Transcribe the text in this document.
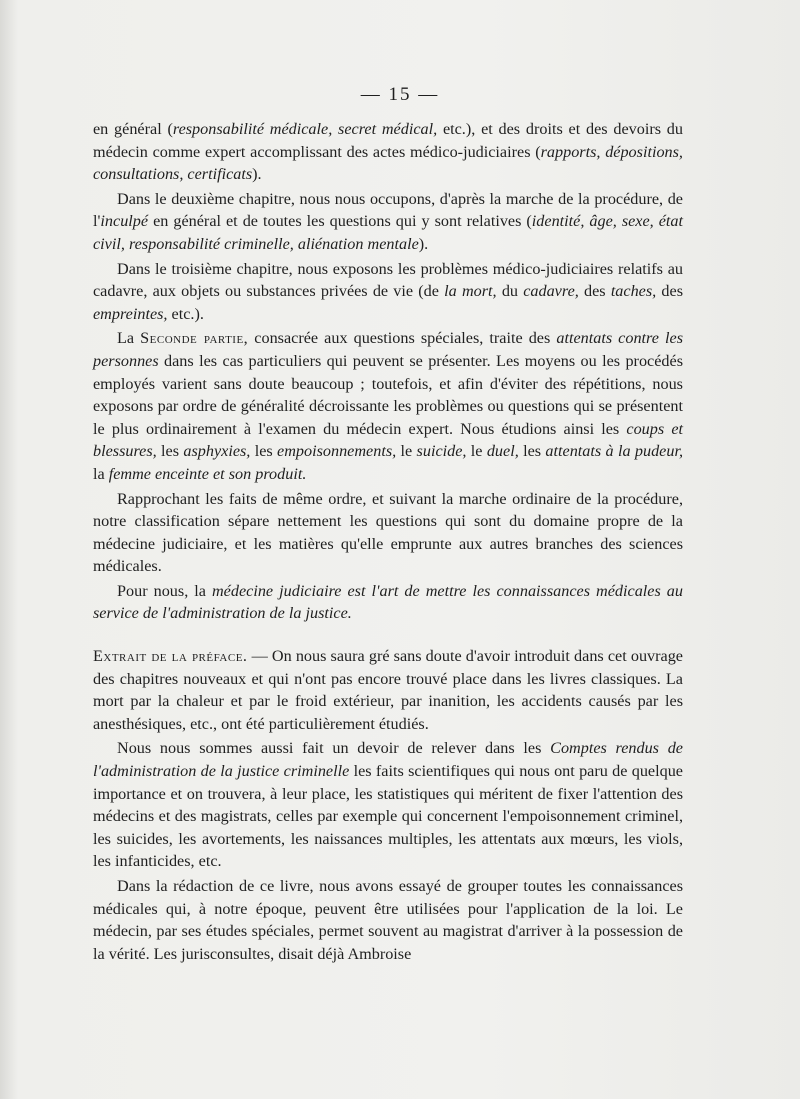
— 15 —

en général (responsabilité médicale, secret médical, etc.), et des droits et des devoirs du médecin comme expert accomplissant des actes médico-judiciaires (rapports, dépositions, consultations, certificats).

Dans le deuxième chapitre, nous nous occupons, d'après la marche de la procédure, de l'inculpé en général et de toutes les questions qui y sont relatives (identité, âge, sexe, état civil, responsabilité criminelle, aliénation mentale).

Dans le troisième chapitre, nous exposons les problèmes médico-judiciaires relatifs au cadavre, aux objets ou substances privées de vie (de la mort, du cadavre, des taches, des empreintes, etc.).

La Seconde partie, consacrée aux questions spéciales, traite des attentats contre les personnes dans les cas particuliers qui peuvent se présenter. Les moyens ou les procédés employés varient sans doute beaucoup ; toutefois, et afin d'éviter des répétitions, nous exposons par ordre de généralité décroissante les problèmes ou questions qui se présentent le plus ordinairement à l'examen du médecin expert. Nous étudions ainsi les coups et blessures, les asphyxies, les empoisonnements, le suicide, le duel, les attentats à la pudeur, la femme enceinte et son produit.

Rapprochant les faits de même ordre, et suivant la marche ordinaire de la procédure, notre classification sépare nettement les questions qui sont du domaine propre de la médecine judiciaire, et les matières qu'elle emprunte aux autres branches des sciences médicales.

Pour nous, la médecine judiciaire est l'art de mettre les connaissances médicales au service de l'administration de la justice.

Extrait de la préface. — On nous saura gré sans doute d'avoir introduit dans cet ouvrage des chapitres nouveaux et qui n'ont pas encore trouvé place dans les livres classiques. La mort par la chaleur et par le froid extérieur, par inanition, les accidents causés par les anesthésiques, etc., ont été particulièrement étudiés.

Nous nous sommes aussi fait un devoir de relever dans les Comptes rendus de l'administration de la justice criminelle les faits scientifiques qui nous ont paru de quelque importance et on trouvera, à leur place, les statistiques qui méritent de fixer l'attention des médecins et des magistrats, celles par exemple qui concernent l'empoisonnement criminel, les suicides, les avortements, les naissances multiples, les attentats aux mœurs, les viols, les infanticides, etc.

Dans la rédaction de ce livre, nous avons essayé de grouper toutes les connaissances médicales qui, à notre époque, peuvent être utilisées pour l'application de la loi. Le médecin, par ses études spéciales, permet souvent au magistrat d'arriver à la possession de la vérité. Les jurisconsultes, disait déjà Ambroise
